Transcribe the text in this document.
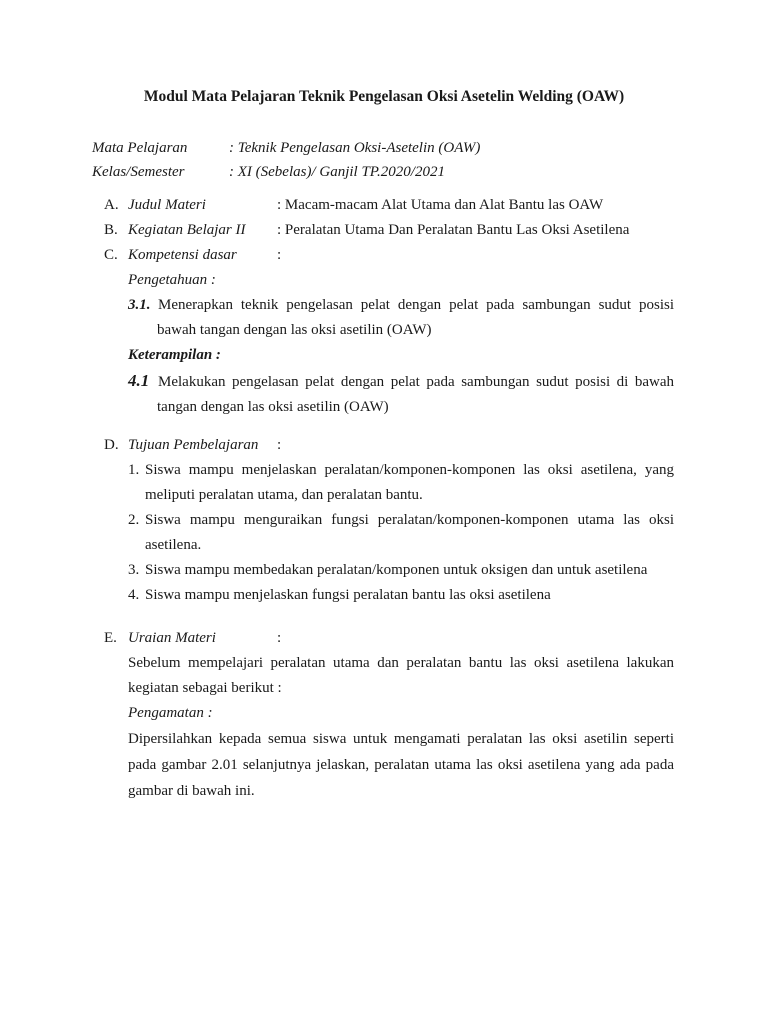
Modul Mata Pelajaran Teknik Pengelasan Oksi Asetelin Welding (OAW)
Mata Pelajaran	: Teknik Pengelasan Oksi-Asetelin (OAW)
Kelas/Semester	: XI (Sebelas)/ Ganjil TP.2020/2021
A. Judul Materi	: Macam-macam Alat Utama dan Alat Bantu las OAW
B. Kegiatan Belajar II : Peralatan Utama Dan Peralatan Bantu Las Oksi Asetilena
C. Kompetensi dasar	:
Pengetahuan :
3.1. Menerapkan teknik pengelasan pelat dengan pelat pada sambungan sudut posisi
bawah tangan dengan las oksi asetilin (OAW)
Keterampilan :
4.1 Melakukan pengelasan pelat dengan pelat pada sambungan sudut posisi di bawah
tangan dengan las oksi asetilin (OAW)
D. Tujuan Pembelajaran :
1. Siswa mampu menjelaskan peralatan/komponen-komponen las oksi asetilena, yang
meliputi peralatan utama, dan peralatan bantu.
2. Siswa mampu menguraikan fungsi peralatan/komponen-komponen utama las oksi
asetilena.
3. Siswa mampu membedakan peralatan/komponen untuk oksigen dan untuk asetilena
4. Siswa mampu menjelaskan fungsi peralatan bantu las oksi asetilena
E. Uraian Materi	:
Sebelum mempelajari peralatan utama dan peralatan bantu las oksi asetilena lakukan
kegiatan sebagai berikut :
Pengamatan :
Dipersilahkan kepada semua siswa untuk mengamati peralatan las oksi asetilin seperti
pada gambar 2.01 selanjutnya jelaskan, peralatan utama las oksi asetilena yang ada pada
gambar di bawah ini.
